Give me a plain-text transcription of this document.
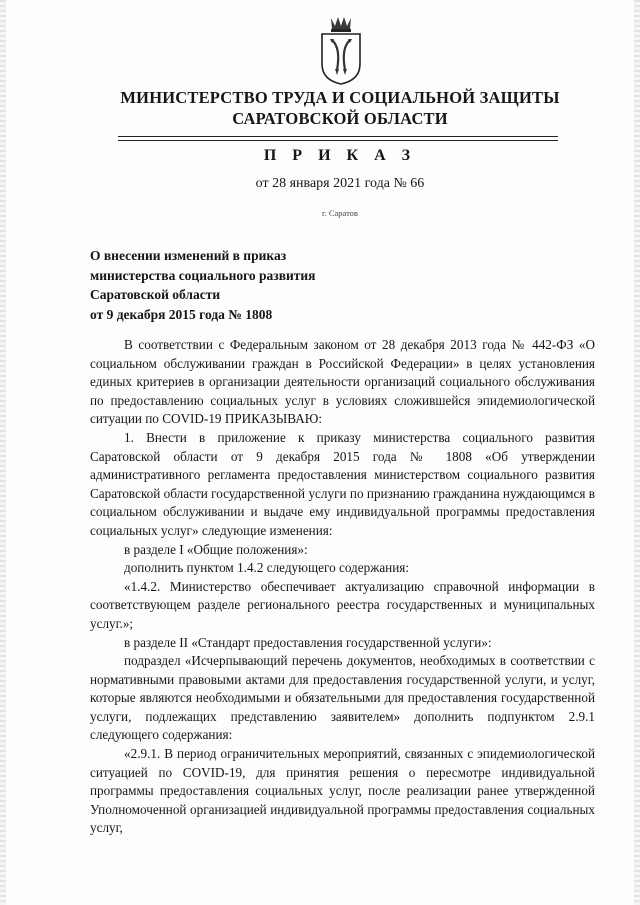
МИНИСТЕРСТВО ТРУДА И СОЦИАЛЬНОЙ ЗАЩИТЫ
САРАТОВСКОЙ ОБЛАСТИ
П Р И К А З
от 28 января 2021 года № 66
г. Саратов
О внесении изменений в приказ
министерства социального развития
Саратовской области
от 9 декабря 2015 года № 1808

В соответствии с Федеральным законом от 28 декабря 2013 года № 442-ФЗ «О социальном обслуживании граждан в Российской Федерации» в целях установления единых критериев в организации деятельности организаций социального обслуживания по предоставлению социальных услуг в условиях сложившейся эпидемиологической ситуации по COVID-19 ПРИКАЗЫВАЮ:

1. Внести в приложение к приказу министерства социального развития Саратовской области от 9 декабря 2015 года № 1808 «Об утверждении административного регламента предоставления министерством социального развития Саратовской области государственной услуги по признанию гражданина нуждающимся в социальном обслуживании и выдаче ему индивидуальной программы предоставления социальных услуг» следующие изменения:

в разделе I «Общие положения»:

дополнить пунктом 1.4.2 следующего содержания:

«1.4.2. Министерство обеспечивает актуализацию справочной информации в соответствующем разделе регионального реестра государственных и муниципальных услуг.»;

в разделе II «Стандарт предоставления государственной услуги»:

подраздел «Исчерпывающий перечень документов, необходимых в соответствии с нормативными правовыми актами для предоставления государственной услуги, и услуг, которые являются необходимыми и обязательными для предоставления государственной услуги, подлежащих представлению заявителем» дополнить подпунктом 2.9.1 следующего содержания:

«2.9.1. В период ограничительных мероприятий, связанных с эпидемиологической ситуацией по COVID-19, для принятия решения о пересмотре индивидуальной программы предоставления социальных услуг, после реализации ранее утвержденной Уполномоченной организацией индивидуальной программы предоставления социальных услуг,
